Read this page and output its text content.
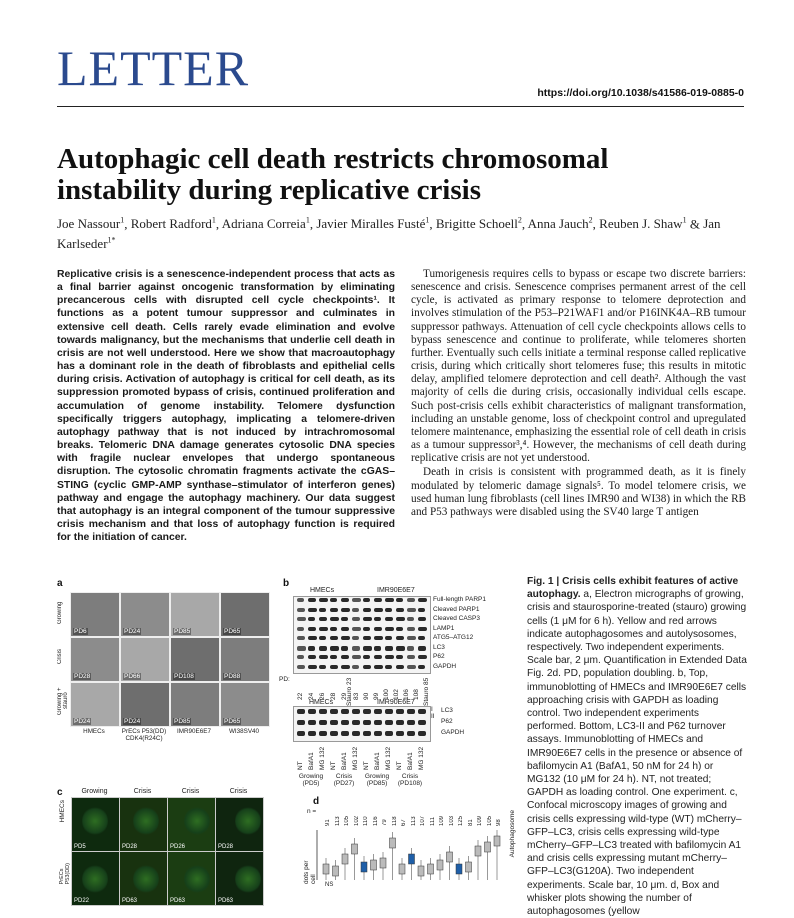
LETTER	https://doi.org/10.1038/s41586-019-0885-0
Autophagic cell death restricts chromosomal instability during replicative crisis
Joe Nassour$^1$, Robert Radford$^1$, Adriana Correia$^1$, Javier Miralles Fusté$^1$, Brigitte Schoell$^2$, Anna Jauch$^2$, Reuben J. Shaw$^1$ & Jan Karlseder$^{1*}$
Replicative crisis is a senescence-independent process that acts as a final barrier against oncogenic transformation by eliminating precancerous cells with disrupted cell cycle checkpoints¹. It functions as a potent tumour suppressor and culminates in extensive cell death. Cells rarely evade elimination and evolve towards malignancy, but the mechanisms that underlie cell death in crisis are not well understood. Here we show that macroautophagy has a dominant role in the death of fibroblasts and epithelial cells during crisis. Activation of autophagy is critical for cell death, as its suppression promoted bypass of crisis, continued proliferation and accumulation of genome instability. Telomere dysfunction specifically triggers autophagy, implicating a telomere-driven autophagy pathway that is not induced by intrachromosomal breaks. Telomeric DNA damage generates cytosolic DNA species with fragile nuclear envelopes that undergo spontaneous disruption. The cytosolic chromatin fragments activate the cGAS–STING (cyclic GMP-AMP synthase–stimulator of interferon genes) pathway and engage the autophagy machinery. Our data suggest that autophagy is an integral component of the tumour suppressive crisis mechanism and that loss of autophagy function is required for the initiation of cancer.

Tumorigenesis requires cells to bypass or escape two discrete barriers: senescence and crisis. Senescence comprises permanent arrest of the cell cycle, is activated as primary response to telomere deprotection and involves stimulation of the P53–P21WAF1 and/or P16INK4A–RB tumour suppressor pathways. Attenuation of cell cycle checkpoints allows cells to bypass senescence and continue to proliferate, while telomeres shorten further. Eventually such cells initiate a terminal response called replicative crisis, during which critically short telomeres fuse; this results in mitotic delay, amplified telomere deprotection and cell death². Although the vast majority of cells die during crisis, occasionally individual cells escape. Such post-crisis cells exhibit characteristics of malignant transformation, including an unstable genome, loss of checkpoint control and upregulated telomere maintenance, emphasizing the essential role of cell death in crisis as a tumour suppressor³,⁴. However, the mechanisms of cell death during replicative crisis are not yet understood.

Death in crisis is consistent with programmed death, as it is finely modulated by telomeric damage signals⁵. To model telomere crisis, we used human lung fibroblasts (cell lines IMR90 and WI38) in which the RB and P53 pathways were disabled using the SV40 large T antigen

a	b
HMECs	IMR90E6E7
PD:
HMECs	IMR90E6E7
c
HMECs
PrECs P53(DD)
d
n =
dots per cell
Autophagosome
Growing
Crisis
Growing + stauro
PD6	PD24	PD85	PD65
PD28	PD66	PD108	PD88
PD24	PD24	PD85	PD65
HMECs	PrECs P53(DD) CDK4(R24C)
IMR90E6E7	WI38SV40
Full-length PARP1
Cleaved PARP1
Cleaved CASP3
LAMP1
ATG5–ATG12
LC3
P62
GAPDH
22 24 26 28 29 83 90 99 100 102 106 108
Stauro 23	Stauro 85
I
II
LC3
P62
GAPDH
NT BafA1 MG 132 NT BafA1 MG 132 NT BafA1 MG 132 NT BafA1 MG 132
Growing (PD5)
Crisis (PD27)
Growing (PD85)
Crisis (PD108)
Growing	Crisis	Crisis	Crisis
PD5	PD28	PD26	PD28
PD22	PD63	PD63	PD63
91 113 105 102 110 116 79 118 67 113 107 111 109 103 125 81 109 105 98
NS
Fig. 1 | Crisis cells exhibit features of active autophagy. a, Electron micrographs of growing, crisis and staurosporine-treated (stauro) growing cells (1 μM for 6 h). Yellow and red arrows indicate autophagosomes and autolysosomes, respectively. Two independent experiments. Scale bar, 2 μm. Quantification in Extended Data Fig. 2d. PD, population doubling. b, Top, immunoblotting of HMECs and IMR90E6E7 cells approaching crisis with GAPDH as loading control. Two independent experiments performed. Bottom, LC3-II and P62 turnover assays. Immunoblotting of HMECs and IMR90E6E7 cells in the presence or absence of bafilomycin A1 (BafA1, 50 nM for 24 h) or MG132 (10 μM for 24 h). NT, not treated; GAPDH as loading control. One experiment. c, Confocal microscopy images of growing and crisis cells expressing wild-type (WT) mCherry–GFP–LC3, crisis cells expressing wild-type mCherry–GFP–LC3 treated with bafilomycin A1 and crisis cells expressing mutant mCherry–GFP–LC3(G120A). Two independent experiments. Scale bar, 10 μm. d, Box and whisker plots showing the number of autophagosomes (yellow
